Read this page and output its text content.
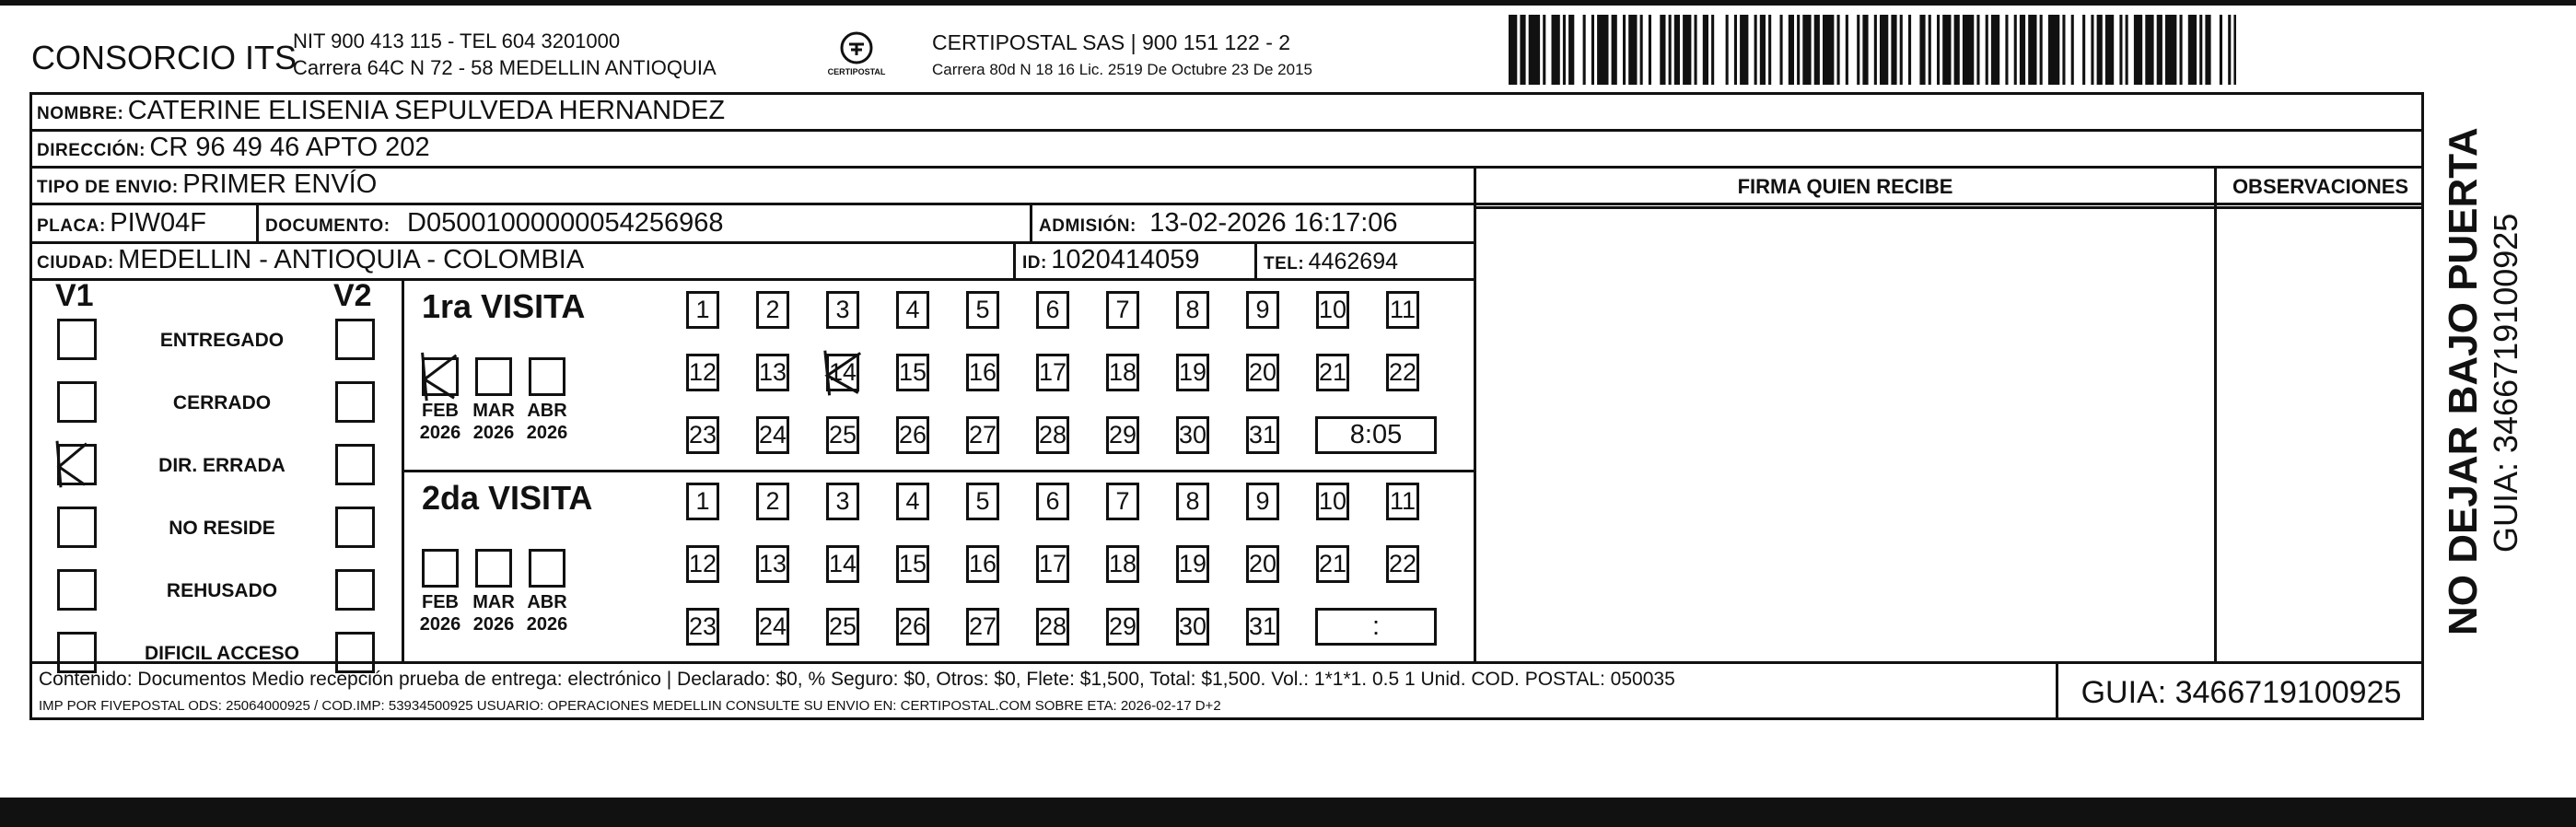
CONSORCIO ITS
NIT 900 413 115 - TEL 604 3201000
Carrera 64C N 72 - 58 MEDELLIN ANTIOQUIA	CERTIPOSTAL
CERTIPOSTAL SAS | 900 151 122 - 2
Carrera 80d N 18 16 Lic. 2519 De Octubre 23 De 2015
NOMBRE: CATERINE ELISENIA SEPULVEDA HERNANDEZ
DIRECCIÓN: CR 96 49 46 APTO 202
TIPO DE ENVIO: PRIMER ENVÍO	FIRMA QUIEN RECIBE	OBSERVACIONES
PLACA: PIW04F	DOCUMENTO: D05001000000054256968	ADMISIÓN: 13-02-2026 16:17:06
CIUDAD: MEDELLIN - ANTIOQUIA - COLOMBIA	ID: 1020414059	TEL: 4462694
V1	V2
ENTREGADO
CERRADO
DIR. ERRADA
NO RESIDE
REHUSADO
DIFICIL ACCESO
1ra VISITA
FEB
2026
MAR
2026
ABR
2026
1	2	3	4	5	6	7	8	9	10 11
12 13 14 15 16 17 18 19 20 21 22
23 24 25 26 27 28 29 30 31	8:05
2da VISITA
FEB
2026
MAR
2026
ABR
2026
1	2	3	4	5	6	7	8	9	10 11
12 13 14 15 16 17 18 19 20 21 22
23 24 25 26 27 28 29 30 31	:
Contenido: Documentos Medio recepción prueba de entrega: electrónico | Declarado: $0, % Seguro: $0, Otros: $0, Flete: $1,500, Total: $1,500. Vol.: 1*1*1. 0.5 1 Unid. COD. POSTAL: 050035
IMP POR FIVEPOSTAL ODS: 25064000925 / COD.IMP: 53934500925 USUARIO: OPERACIONES MEDELLIN CONSULTE SU ENVIO EN: CERTIPOSTAL.COM SOBRE ETA: 2026-02-17 D+2	GUIA: 3466719100925
NO DEJAR BAJO PUERTA GUIA: 3466719100925
